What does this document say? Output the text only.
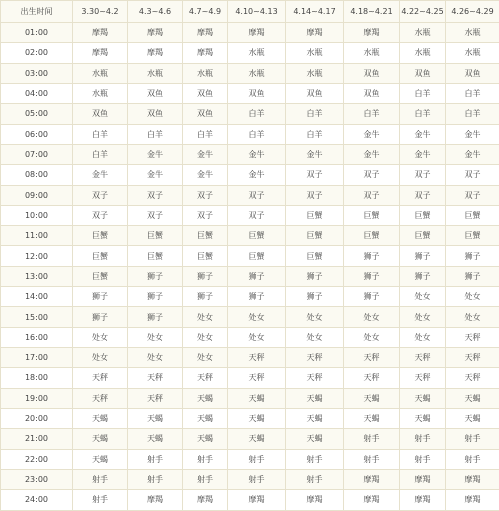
出生时间	3.30~4.2	4.3~4.6	4.7~4.9	4.10~4.13	4.14~4.17	4.18~4.21	4.22~4.25	4.26~4.29
01:00	摩羯	摩羯	摩羯	摩羯	摩羯	摩羯	水瓶	水瓶
02:00	摩羯	摩羯	摩羯	水瓶	水瓶	水瓶	水瓶	水瓶
03:00	水瓶	水瓶	水瓶	水瓶	水瓶	双鱼	双鱼	双鱼
04:00	水瓶	双鱼	双鱼	双鱼	双鱼	双鱼	白羊	白羊
05:00	双鱼	双鱼	双鱼	白羊	白羊	白羊	白羊	白羊
06:00	白羊	白羊	白羊	白羊	白羊	金牛	金牛	金牛
07:00	白羊	金牛	金牛	金牛	金牛	金牛	金牛	金牛
08:00	金牛	金牛	金牛	金牛	双子	双子	双子	双子
09:00	双子	双子	双子	双子	双子	双子	双子	双子
10:00	双子	双子	双子	双子	巨蟹	巨蟹	巨蟹	巨蟹
11:00	巨蟹	巨蟹	巨蟹	巨蟹	巨蟹	巨蟹	巨蟹	巨蟹
12:00	巨蟹	巨蟹	巨蟹	巨蟹	巨蟹	狮子	狮子	狮子
13:00	巨蟹	狮子	狮子	狮子	狮子	狮子	狮子	狮子
14:00	狮子	狮子	狮子	狮子	狮子	狮子	处女	处女
15:00	狮子	狮子	处女	处女	处女	处女	处女	处女
16:00	处女	处女	处女	处女	处女	处女	处女	天秤
17:00	处女	处女	处女	天秤	天秤	天秤	天秤	天秤
18:00	天秤	天秤	天秤	天秤	天秤	天秤	天秤	天秤
19:00	天秤	天秤	天蝎	天蝎	天蝎	天蝎	天蝎	天蝎
20:00	天蝎	天蝎	天蝎	天蝎	天蝎	天蝎	天蝎	天蝎
21:00	天蝎	天蝎	天蝎	天蝎	天蝎	射手	射手	射手
22:00	天蝎	射手	射手	射手	射手	射手	射手	射手
23:00	射手	射手	射手	射手	射手	摩羯	摩羯	摩羯
24:00	射手	摩羯	摩羯	摩羯	摩羯	摩羯	摩羯	摩羯
